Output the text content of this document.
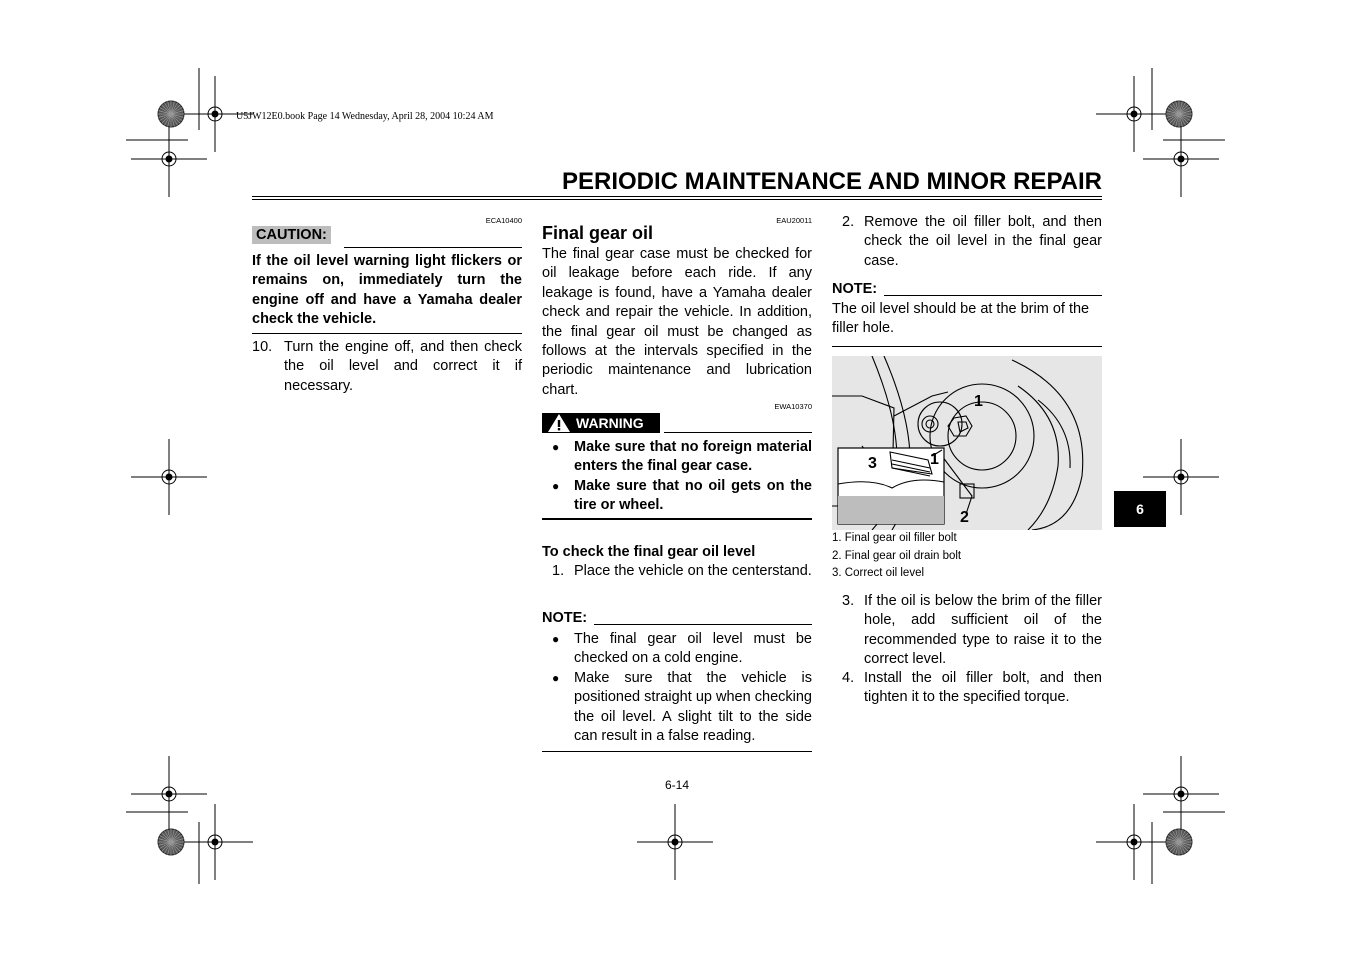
U5JW12E0.book Page 14 Wednesday, April 28, 2004 10:24 AM
PERIODIC MAINTENANCE AND MINOR REPAIR
ECA10400
CAUTION:
If the oil level warning light flickers or remains on, immediately turn the engine off and have a Yamaha dealer check the vehicle.
10. Turn the engine off, and then check the oil level and correct it if necessary.
EAU20011
Final gear oil
The final gear case must be checked for oil leakage before each ride. If any leakage is found, have a Yamaha dealer check and repair the vehicle. In addition, the final gear oil must be changed as follows at the intervals specified in the periodic maintenance and lubrication chart.
EWA10370
WARNING
●	Make sure that no foreign material enters the final gear case.
●	Make sure that no oil gets on the tire or wheel.
To check the final gear oil level
1. Place the vehicle on the centerstand.
NOTE:
●	The final gear oil level must be checked on a cold engine.
●	Make sure that the vehicle is positioned straight up when checking the oil level. A slight tilt to the side can result in a false reading.
2. Remove the oil filler bolt, and then check the oil level in the final gear case.
NOTE:
The oil level should be at the brim of the filler hole.
1
1
2
3
1. Final gear oil filler bolt
2. Final gear oil drain bolt
3. Correct oil level
3. If the oil is below the brim of the filler hole, add sufficient oil of the recommended type to raise it to the correct level.
4. Install the oil filler bolt, and then tighten it to the specified torque.
6
6-14
